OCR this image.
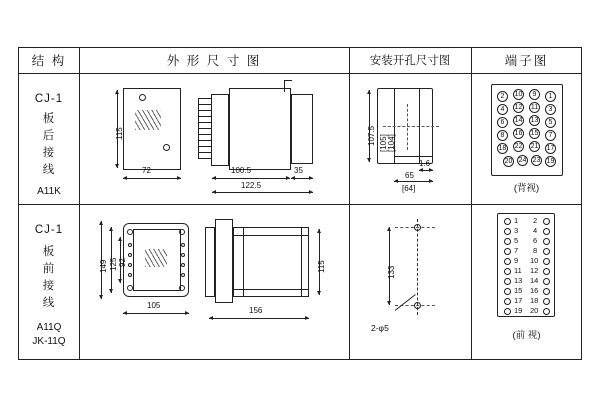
结 构	外 形 尺 寸 图	安装开孔尺寸图	端子图
CJ-1
板
后
接
线
A11K
115
72	100.5	35
122.5
107.5 [105] [104]
1.6
65
[64]
2	10	9	1
4	12 11	3
6	14 13	5
8	16 15	7
18 22 21 17
20 24 23 19
(背视)
CJ-1
板
前
接
线
A11Q
JK-11Q
149 125 92
105
115
156
133
2-φ5
1 2
3 4
5 6
7 8
9 10
11 12
13 14
15 16
17 18
19 20
(前 视)
